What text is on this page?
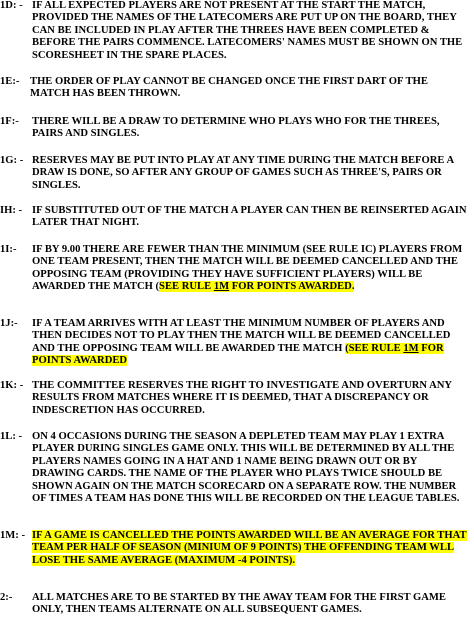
1D: - IF ALL EXPECTED PLAYERS ARE NOT PRESENT AT THE START THE MATCH, PROVIDED THE NAMES OF THE LATECOMERS ARE PUT UP ON THE BOARD, THEY CAN BE INCLUDED IN PLAY AFTER THE THREES HAVE BEEN COMPLETED & BEFORE THE PAIRS COMMENCE. LATECOMERS' NAMES MUST BE SHOWN ON THE SCORESHEET IN THE SPARE PLACES.
1E:- THE ORDER OF PLAY CANNOT BE CHANGED ONCE THE FIRST DART OF THE MATCH HAS BEEN THROWN.
1F:- THERE WILL BE A DRAW TO DETERMINE WHO PLAYS WHO FOR THE THREES, PAIRS AND SINGLES.
1G: - RESERVES MAY BE PUT INTO PLAY AT ANY TIME DURING THE MATCH BEFORE A DRAW IS DONE, SO AFTER ANY GROUP OF GAMES SUCH AS THREE'S, PAIRS OR SINGLES.
IH: - IF SUBSTITUTED OUT OF THE MATCH A PLAYER CAN THEN BE REINSERTED AGAIN LATER THAT NIGHT.
1I:- IF BY 9.00 THERE ARE FEWER THAN THE MINIMUM (SEE RULE IC) PLAYERS FROM ONE TEAM PRESENT, THEN THE MATCH WILL BE DEEMED CANCELLED AND THE OPPOSING TEAM (PROVIDING THEY HAVE SUFFICIENT PLAYERS) WILL BE AWARDED THE MATCH (SEE RULE 1M FOR POINTS AWARDED.
1J:- IF A TEAM ARRIVES WITH AT LEAST THE MINIMUM NUMBER OF PLAYERS AND THEN DECIDES NOT TO PLAY THEN THE MATCH WILL BE DEEMED CANCELLED AND THE OPPOSING TEAM WILL BE AWARDED THE MATCH (SEE RULE 1M FOR POINTS AWARDED
1K: - THE COMMITTEE RESERVES THE RIGHT TO INVESTIGATE AND OVERTURN ANY RESULTS FROM MATCHES WHERE IT IS DEEMED, THAT A DISCREPANCY OR INDESCRETION HAS OCCURRED.
1L: - ON 4 OCCASIONS DURING THE SEASON A DEPLETED TEAM MAY PLAY 1 EXTRA PLAYER DURING SINGLES GAME ONLY. THIS WILL BE DETERMINED BY ALL THE PLAYERS NAMES GOING IN A HAT AND 1 NAME BEING DRAWN OUT OR BY DRAWING CARDS. THE NAME OF THE PLAYER WHO PLAYS TWICE SHOULD BE SHOWN AGAIN ON THE MATCH SCORECARD ON A SEPARATE ROW. THE NUMBER OF TIMES A TEAM HAS DONE THIS WILL BE RECORDED ON THE LEAGUE TABLES.
1M: - IF A GAME IS CANCELLED THE POINTS AWARDED WILL BE AN AVERAGE FOR THAT TEAM PER HALF OF SEASON (MINIUM OF 9 POINTS) THE OFFENDING TEAM WLL LOSE THE SAME AVERAGE (MAXIMUM -4 POINTS).
2:- ALL MATCHES ARE TO BE STARTED BY THE AWAY TEAM FOR THE FIRST GAME ONLY, THEN TEAMS ALTERNATE ON ALL SUBSEQUENT GAMES.
